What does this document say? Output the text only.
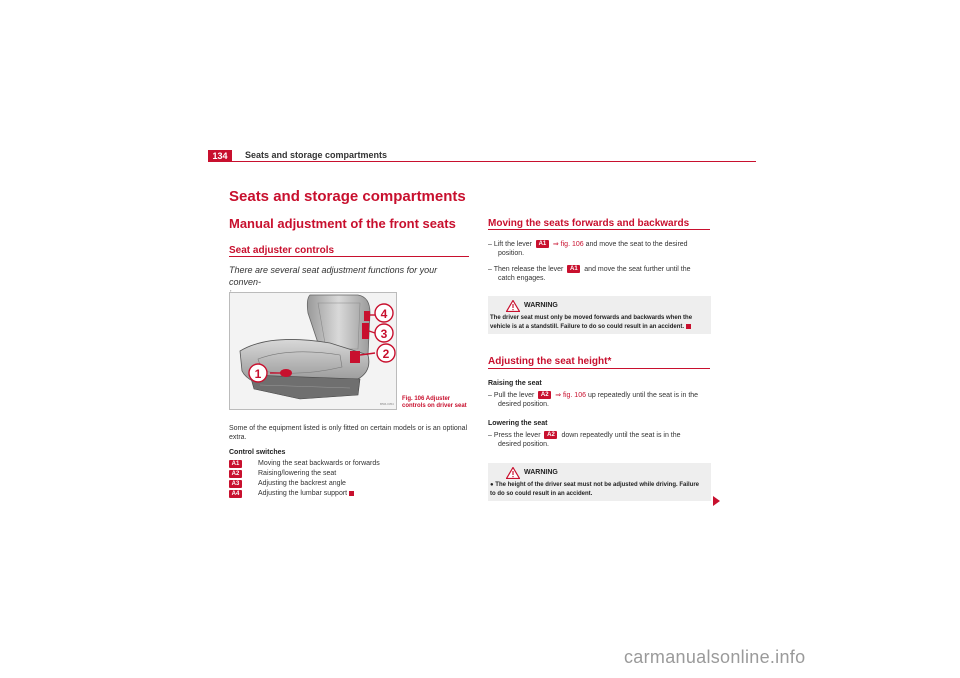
134	Seats and storage compartments
Seats and storage compartments
Manual adjustment of the front seats
Seat adjuster controls
There are several seat adjustment functions for your conven-
1
2
3
4
B5M-0354
Fig. 106 Adjuster
controls on driver seat
Some of the equipment listed is only fitted on certain models or is an optional
extra.
Control switches
A1	Moving the seat backwards or forwards
A2	Raising/lowering the seat
A3	Adjusting the backrest angle
A4	Adjusting the lumbar support
Moving the seats forwards and backwards
– Lift the lever A1 ⇒ fig. 106 and move the seat to the desired
position.
– Then release the lever A1 and move the seat further until the
catch engages.
WARNING
The driver seat must only be moved forwards and backwards when the
vehicle is at a standstill. Failure to do so could result in an accident.
Adjusting the seat height*
Raising the seat
– Pull the lever A2 ⇒ fig. 106 up repeatedly until the seat is in the
desired position.
Lowering the seat
– Press the lever A2 down repeatedly until the seat is in the
desired position.
WARNING
● The height of the driver seat must not be adjusted while driving. Failure
to do so could result in an accident.
carmanualsonline.info
